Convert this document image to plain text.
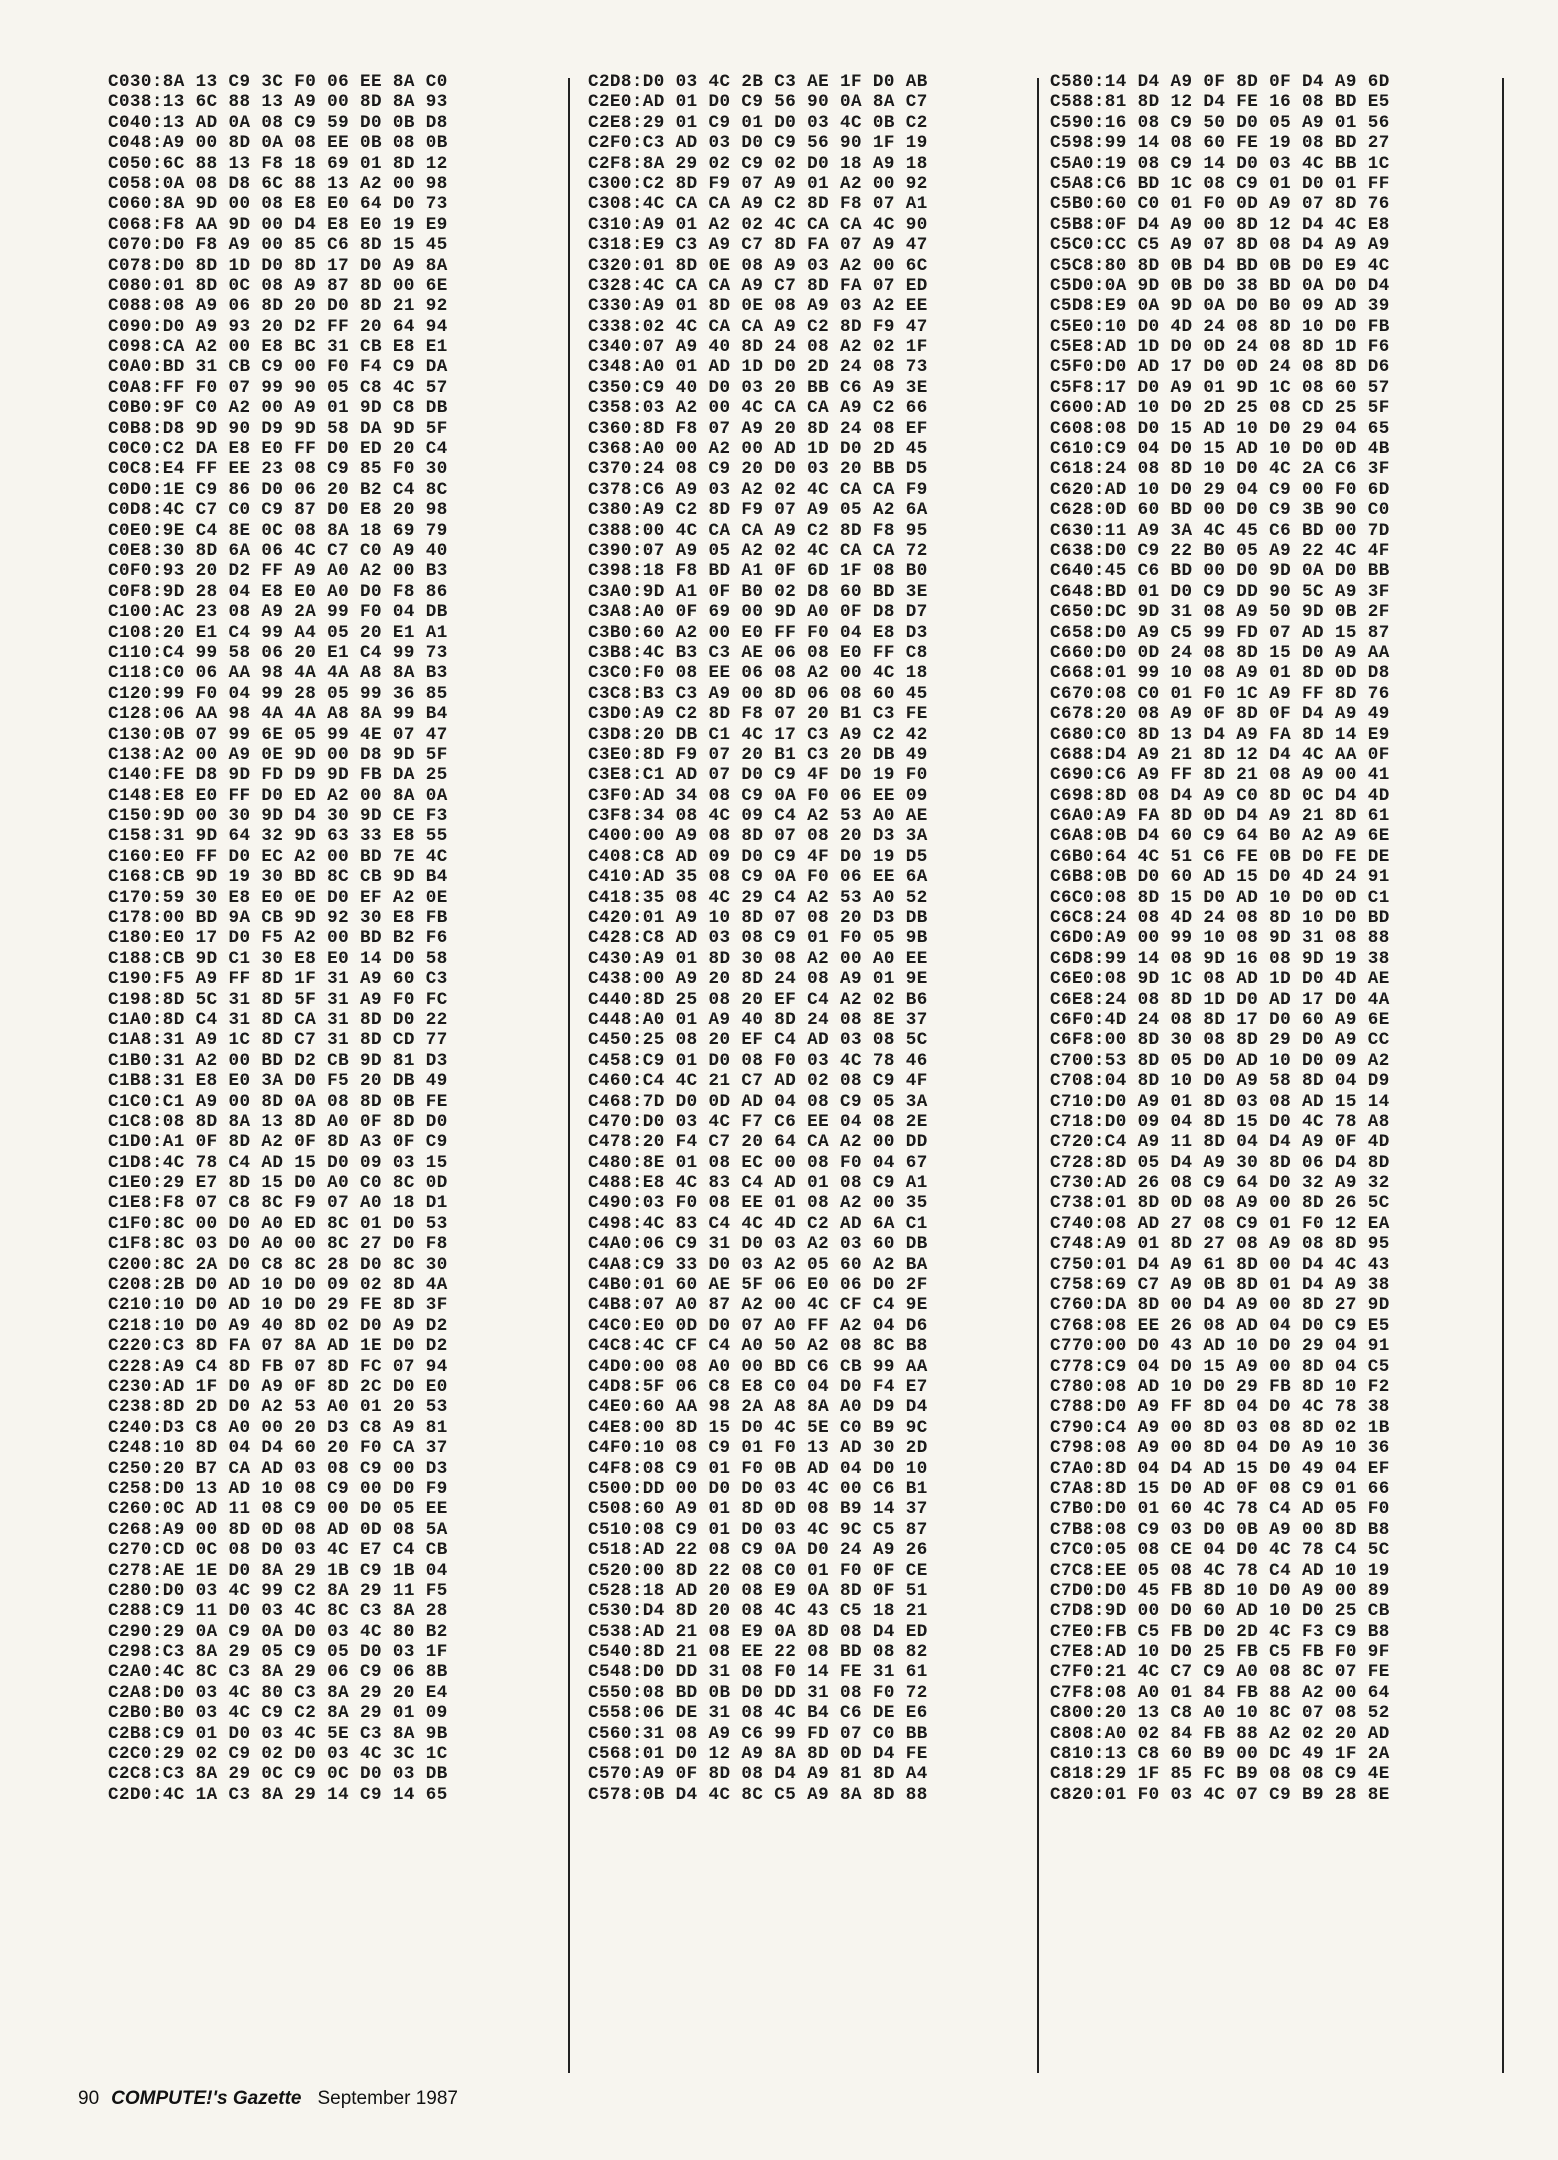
C030:8A 13 C9 3C F0 06 EE 8A C0
C038:13 6C 88 13 A9 00 8D 8A 93
C040:13 AD 0A 08 C9 59 D0 0B D8
C048:A9 00 8D 0A 08 EE 0B 08 0B
C050:6C 88 13 F8 18 69 01 8D 12
C058:0A 08 D8 6C 88 13 A2 00 98
C060:8A 9D 00 08 E8 E0 64 D0 73
C068:F8 AA 9D 00 D4 E8 E0 19 E9
C070:D0 F8 A9 00 85 C6 8D 15 45
C078:D0 8D 1D D0 8D 17 D0 A9 8A
C080:01 8D 0C 08 A9 87 8D 00 6E
C088:08 A9 06 8D 20 D0 8D 21 92
C090:D0 A9 93 20 D2 FF 20 64 94
C098:CA A2 00 E8 BC 31 CB E8 E1
C0A0:BD 31 CB C9 00 F0 F4 C9 DA
C0A8:FF F0 07 99 90 05 C8 4C 57
C0B0:9F C0 A2 00 A9 01 9D C8 DB
C0B8:D8 9D 90 D9 9D 58 DA 9D 5F
C0C0:C2 DA E8 E0 FF D0 ED 20 C4
C0C8:E4 FF EE 23 08 C9 85 F0 30
C0D0:1E C9 86 D0 06 20 B2 C4 8C
C0D8:4C C7 C0 C9 87 D0 E8 20 98
C0E0:9E C4 8E 0C 08 8A 18 69 79
C0E8:30 8D 6A 06 4C C7 C0 A9 40
C0F0:93 20 D2 FF A9 A0 A2 00 B3
C0F8:9D 28 04 E8 E0 A0 D0 F8 86
C100:AC 23 08 A9 2A 99 F0 04 DB
C108:20 E1 C4 99 A4 05 20 E1 A1
C110:C4 99 58 06 20 E1 C4 99 73
C118:C0 06 AA 98 4A 4A A8 8A B3
C120:99 F0 04 99 28 05 99 36 85
C128:06 AA 98 4A 4A A8 8A 99 B4
C130:0B 07 99 6E 05 99 4E 07 47
C138:A2 00 A9 0E 9D 00 D8 9D 5F
C140:FE D8 9D FD D9 9D FB DA 25
C148:E8 E0 FF D0 ED A2 00 8A 0A
C150:9D 00 30 9D D4 30 9D CE F3
C158:31 9D 64 32 9D 63 33 E8 55
C160:E0 FF D0 EC A2 00 BD 7E 4C
C168:CB 9D 19 30 BD 8C CB 9D B4
C170:59 30 E8 E0 0E D0 EF A2 0E
C178:00 BD 9A CB 9D 92 30 E8 FB
C180:E0 17 D0 F5 A2 00 BD B2 F6
C188:CB 9D C1 30 E8 E0 14 D0 58
C190:F5 A9 FF 8D 1F 31 A9 60 C3
C198:8D 5C 31 8D 5F 31 A9 F0 FC
C1A0:8D C4 31 8D CA 31 8D D0 22
C1A8:31 A9 1C 8D C7 31 8D CD 77
C1B0:31 A2 00 BD D2 CB 9D 81 D3
C1B8:31 E8 E0 3A D0 F5 20 DB 49
C1C0:C1 A9 00 8D 0A 08 8D 0B FE
C1C8:08 8D 8A 13 8D A0 0F 8D D0
C1D0:A1 0F 8D A2 0F 8D A3 0F C9
C1D8:4C 78 C4 AD 15 D0 09 03 15
C1E0:29 E7 8D 15 D0 A0 C0 8C 0D
C1E8:F8 07 C8 8C F9 07 A0 18 D1
C1F0:8C 00 D0 A0 ED 8C 01 D0 53
C1F8:8C 03 D0 A0 00 8C 27 D0 F8
C200:8C 2A D0 C8 8C 28 D0 8C 30
C208:2B D0 AD 10 D0 09 02 8D 4A
C210:10 D0 AD 10 D0 29 FE 8D 3F
C218:10 D0 A9 40 8D 02 D0 A9 D2
C220:C3 8D FA 07 8A AD 1E D0 D2
C228:A9 C4 8D FB 07 8D FC 07 94
C230:AD 1F D0 A9 0F 8D 2C D0 E0
C238:8D 2D D0 A2 53 A0 01 20 53
C240:D3 C8 A0 00 20 D3 C8 A9 81
C248:10 8D 04 D4 60 20 F0 CA 37
C250:20 B7 CA AD 03 08 C9 00 D3
C258:D0 13 AD 10 08 C9 00 D0 F9
C260:0C AD 11 08 C9 00 D0 05 EE
C268:A9 00 8D 0D 08 AD 0D 08 5A
C270:CD 0C 08 D0 03 4C E7 C4 CB
C278:AE 1E D0 8A 29 1B C9 1B 04
C280:D0 03 4C 99 C2 8A 29 11 F5
C288:C9 11 D0 03 4C 8C C3 8A 28
C290:29 0A C9 0A D0 03 4C 80 B2
C298:C3 8A 29 05 C9 05 D0 03 1F
C2A0:4C 8C C3 8A 29 06 C9 06 8B
C2A8:D0 03 4C 80 C3 8A 29 20 E4
C2B0:B0 03 4C C9 C2 8A 29 01 09
C2B8:C9 01 D0 03 4C 5E C3 8A 9B
C2C0:29 02 C9 02 D0 03 4C 3C 1C
C2C8:C3 8A 29 0C C9 0C D0 03 DB
C2D0:4C 1A C3 8A 29 14 C9 14 65
C2D8:D0 03 4C 2B C3 AE 1F D0 AB
C2E0:AD 01 D0 C9 56 90 0A 8A C7
C2E8:29 01 C9 01 D0 03 4C 0B C2
C2F0:C3 AD 03 D0 C9 56 90 1F 19
C2F8:8A 29 02 C9 02 D0 18 A9 18
C300:C2 8D F9 07 A9 01 A2 00 92
C308:4C CA CA A9 C2 8D F8 07 A1
C310:A9 01 A2 02 4C CA CA 4C 90
C318:E9 C3 A9 C7 8D FA 07 A9 47
C320:01 8D 0E 08 A9 03 A2 00 6C
C328:4C CA CA A9 C7 8D FA 07 ED
C330:A9 01 8D 0E 08 A9 03 A2 EE
C338:02 4C CA CA A9 C2 8D F9 47
C340:07 A9 40 8D 24 08 A2 02 1F
C348:A0 01 AD 1D D0 2D 24 08 73
C350:C9 40 D0 03 20 BB C6 A9 3E
C358:03 A2 00 4C CA CA A9 C2 66
C360:8D F8 07 A9 20 8D 24 08 EF
C368:A0 00 A2 00 AD 1D D0 2D 45
C370:24 08 C9 20 D0 03 20 BB D5
C378:C6 A9 03 A2 02 4C CA CA F9
C380:A9 C2 8D F9 07 A9 05 A2 6A
C388:00 4C CA CA A9 C2 8D F8 95
C390:07 A9 05 A2 02 4C CA CA 72
C398:18 F8 BD A1 0F 6D 1F 08 B0
C3A0:9D A1 0F B0 02 D8 60 BD 3E
C3A8:A0 0F 69 00 9D A0 0F D8 D7
C3B0:60 A2 00 E0 FF F0 04 E8 D3
C3B8:4C B3 C3 AE 06 08 E0 FF C8
C3C0:F0 08 EE 06 08 A2 00 4C 18
C3C8:B3 C3 A9 00 8D 06 08 60 45
C3D0:A9 C2 8D F8 07 20 B1 C3 FE
C3D8:20 DB C1 4C 17 C3 A9 C2 42
C3E0:8D F9 07 20 B1 C3 20 DB 49
C3E8:C1 AD 07 D0 C9 4F D0 19 F0
C3F0:AD 34 08 C9 0A F0 06 EE 09
C3F8:34 08 4C 09 C4 A2 53 A0 AE
C400:00 A9 08 8D 07 08 20 D3 3A
C408:C8 AD 09 D0 C9 4F D0 19 D5
C410:AD 35 08 C9 0A F0 06 EE 6A
C418:35 08 4C 29 C4 A2 53 A0 52
C420:01 A9 10 8D 07 08 20 D3 DB
C428:C8 AD 03 08 C9 01 F0 05 9B
C430:A9 01 8D 30 08 A2 00 A0 EE
C438:00 A9 20 8D 24 08 A9 01 9E
C440:8D 25 08 20 EF C4 A2 02 B6
C448:A0 01 A9 40 8D 24 08 8E 37
C450:25 08 20 EF C4 AD 03 08 5C
C458:C9 01 D0 08 F0 03 4C 78 46
C460:C4 4C 21 C7 AD 02 08 C9 4F
C468:7D D0 0D AD 04 08 C9 05 3A
C470:D0 03 4C F7 C6 EE 04 08 2E
C478:20 F4 C7 20 64 CA A2 00 DD
C480:8E 01 08 EC 00 08 F0 04 67
C488:E8 4C 83 C4 AD 01 08 C9 A1
C490:03 F0 08 EE 01 08 A2 00 35
C498:4C 83 C4 4C 4D C2 AD 6A C1
C4A0:06 C9 31 D0 03 A2 03 60 DB
C4A8:C9 33 D0 03 A2 05 60 A2 BA
C4B0:01 60 AE 5F 06 E0 06 D0 2F
C4B8:07 A0 87 A2 00 4C CF C4 9E
C4C0:E0 0D D0 07 A0 FF A2 04 D6
C4C8:4C CF C4 A0 50 A2 08 8C B8
C4D0:00 08 A0 00 BD C6 CB 99 AA
C4D8:5F 06 C8 E8 C0 04 D0 F4 E7
C4E0:60 AA 98 2A A8 8A A0 D9 D4
C4E8:00 8D 15 D0 4C 5E C0 B9 9C
C4F0:10 08 C9 01 F0 13 AD 30 2D
C4F8:08 C9 01 F0 0B AD 04 D0 10
C500:DD 00 D0 D0 03 4C 00 C6 B1
C508:60 A9 01 8D 0D 08 B9 14 37
C510:08 C9 01 D0 03 4C 9C C5 87
C518:AD 22 08 C9 0A D0 24 A9 26
C520:00 8D 22 08 C0 01 F0 0F CE
C528:18 AD 20 08 E9 0A 8D 0F 51
C530:D4 8D 20 08 4C 43 C5 18 21
C538:AD 21 08 E9 0A 8D 08 D4 ED
C540:8D 21 08 EE 22 08 BD 08 82
C548:D0 DD 31 08 F0 14 FE 31 61
C550:08 BD 0B D0 DD 31 08 F0 72
C558:06 DE 31 08 4C B4 C6 DE E6
C560:31 08 A9 C6 99 FD 07 C0 BB
C568:01 D0 12 A9 8A 8D 0D D4 FE
C570:A9 0F 8D 08 D4 A9 81 8D A4
C578:0B D4 4C 8C C5 A9 8A 8D 88
C580:14 D4 A9 0F 8D 0F D4 A9 6D
C588:81 8D 12 D4 FE 16 08 BD E5
C590:16 08 C9 50 D0 05 A9 01 56
C598:99 14 08 60 FE 19 08 BD 27
C5A0:19 08 C9 14 D0 03 4C BB 1C
C5A8:C6 BD 1C 08 C9 01 D0 01 FF
C5B0:60 C0 01 F0 0D A9 07 8D 76
C5B8:0F D4 A9 00 8D 12 D4 4C E8
C5C0:CC C5 A9 07 8D 08 D4 A9 A9
C5C8:80 8D 0B D4 BD 0B D0 E9 4C
C5D0:0A 9D 0B D0 38 BD 0A D0 D4
C5D8:E9 0A 9D 0A D0 B0 09 AD 39
C5E0:10 D0 4D 24 08 8D 10 D0 FB
C5E8:AD 1D D0 0D 24 08 8D 1D F6
C5F0:D0 AD 17 D0 0D 24 08 8D D6
C5F8:17 D0 A9 01 9D 1C 08 60 57
C600:AD 10 D0 2D 25 08 CD 25 5F
C608:08 D0 15 AD 10 D0 29 04 65
C610:C9 04 D0 15 AD 10 D0 0D 4B
C618:24 08 8D 10 D0 4C 2A C6 3F
C620:AD 10 D0 29 04 C9 00 F0 6D
C628:0D 60 BD 00 D0 C9 3B 90 C0
C630:11 A9 3A 4C 45 C6 BD 00 7D
C638:D0 C9 22 B0 05 A9 22 4C 4F
C640:45 C6 BD 00 D0 9D 0A D0 BB
C648:BD 01 D0 C9 DD 90 5C A9 3F
C650:DC 9D 31 08 A9 50 9D 0B 2F
C658:D0 A9 C5 99 FD 07 AD 15 87
C660:D0 0D 24 08 8D 15 D0 A9 AA
C668:01 99 10 08 A9 01 8D 0D D8
C670:08 C0 01 F0 1C A9 FF 8D 76
C678:20 08 A9 0F 8D 0F D4 A9 49
C680:C0 8D 13 D4 A9 FA 8D 14 E9
C688:D4 A9 21 8D 12 D4 4C AA 0F
C690:C6 A9 FF 8D 21 08 A9 00 41
C698:8D 08 D4 A9 C0 8D 0C D4 4D
C6A0:A9 FA 8D 0D D4 A9 21 8D 61
C6A8:0B D4 60 C9 64 B0 A2 A9 6E
C6B0:64 4C 51 C6 FE 0B D0 FE DE
C6B8:0B D0 60 AD 15 D0 4D 24 91
C6C0:08 8D 15 D0 AD 10 D0 0D C1
C6C8:24 08 4D 24 08 8D 10 D0 BD
C6D0:A9 00 99 10 08 9D 31 08 88
C6D8:99 14 08 9D 16 08 9D 19 38
C6E0:08 9D 1C 08 AD 1D D0 4D AE
C6E8:24 08 8D 1D D0 AD 17 D0 4A
C6F0:4D 24 08 8D 17 D0 60 A9 6E
C6F8:00 8D 30 08 8D 29 D0 A9 CC
C700:53 8D 05 D0 AD 10 D0 09 A2
C708:04 8D 10 D0 A9 58 8D 04 D9
C710:D0 A9 01 8D 03 08 AD 15 14
C718:D0 09 04 8D 15 D0 4C 78 A8
C720:C4 A9 11 8D 04 D4 A9 0F 4D
C728:8D 05 D4 A9 30 8D 06 D4 8D
C730:AD 26 08 C9 64 D0 32 A9 32
C738:01 8D 0D 08 A9 00 8D 26 5C
C740:08 AD 27 08 C9 01 F0 12 EA
C748:A9 01 8D 27 08 A9 08 8D 95
C750:01 D4 A9 61 8D 00 D4 4C 43
C758:69 C7 A9 0B 8D 01 D4 A9 38
C760:DA 8D 00 D4 A9 00 8D 27 9D
C768:08 EE 26 08 AD 04 D0 C9 E5
C770:00 D0 43 AD 10 D0 29 04 91
C778:C9 04 D0 15 A9 00 8D 04 C5
C780:08 AD 10 D0 29 FB 8D 10 F2
C788:D0 A9 FF 8D 04 D0 4C 78 38
C790:C4 A9 00 8D 03 08 8D 02 1B
C798:08 A9 00 8D 04 D0 A9 10 36
C7A0:8D 04 D4 AD 15 D0 49 04 EF
C7A8:8D 15 D0 AD 0F 08 C9 01 66
C7B0:D0 01 60 4C 78 C4 AD 05 F0
C7B8:08 C9 03 D0 0B A9 00 8D B8
C7C0:05 08 CE 04 D0 4C 78 C4 5C
C7C8:EE 05 08 4C 78 C4 AD 10 19
C7D0:D0 45 FB 8D 10 D0 A9 00 89
C7D8:9D 00 D0 60 AD 10 D0 25 CB
C7E0:FB C5 FB D0 2D 4C F3 C9 B8
C7E8:AD 10 D0 25 FB C5 FB F0 9F
C7F0:21 4C C7 C9 A0 08 8C 07 FE
C7F8:08 A0 01 84 FB 88 A2 00 64
C800:20 13 C8 A0 10 8C 07 08 52
C808:A0 02 84 FB 88 A2 02 20 AD
C810:13 C8 60 B9 00 DC 49 1F 2A
C818:29 1F 85 FC B9 08 08 C9 4E
C820:01 F0 03 4C 07 C9 B9 28 8E
90 COMPUTE!'s Gazette September 1987
